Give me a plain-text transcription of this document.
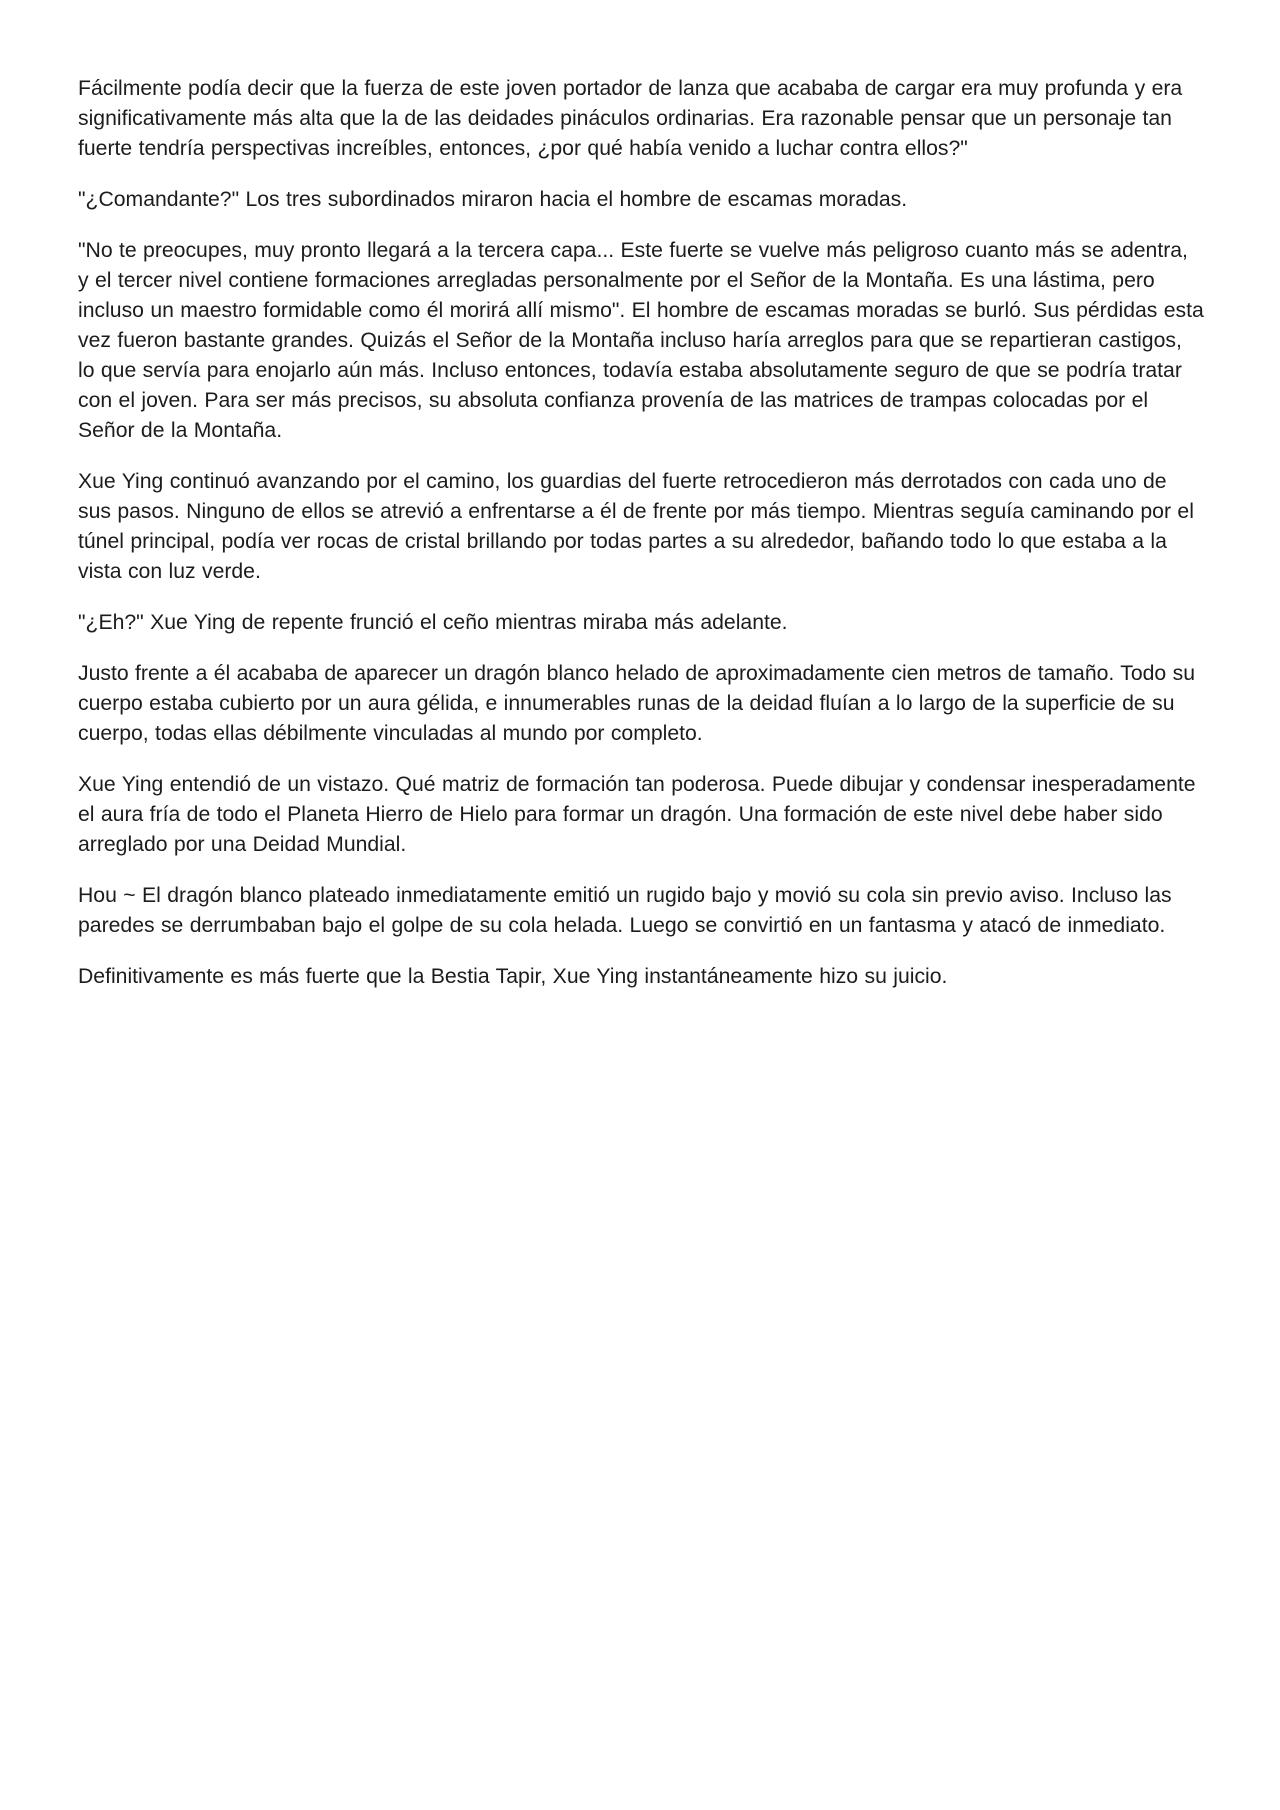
Fácilmente podía decir que la fuerza de este joven portador de lanza que acababa de cargar era muy profunda y era significativamente más alta que la de las deidades pináculos ordinarias. Era razonable pensar que un personaje tan fuerte tendría perspectivas increíbles, entonces, ¿por qué había venido a luchar contra ellos?"

"¿Comandante?" Los tres subordinados miraron hacia el hombre de escamas moradas.

"No te preocupes, muy pronto llegará a la tercera capa... Este fuerte se vuelve más peligroso cuanto más se adentra, y el tercer nivel contiene formaciones arregladas personalmente por el Señor de la Montaña. Es una lástima, pero incluso un maestro formidable como él morirá allí mismo". El hombre de escamas moradas se burló. Sus pérdidas esta vez fueron bastante grandes. Quizás el Señor de la Montaña incluso haría arreglos para que se repartieran castigos, lo que servía para enojarlo aún más. Incluso entonces, todavía estaba absolutamente seguro de que se podría tratar con el joven. Para ser más precisos, su absoluta confianza provenía de las matrices de trampas colocadas por el Señor de la Montaña.

Xue Ying continuó avanzando por el camino, los guardias del fuerte retrocedieron más derrotados con cada uno de sus pasos. Ninguno de ellos se atrevió a enfrentarse a él de frente por más tiempo. Mientras seguía caminando por el túnel principal, podía ver rocas de cristal brillando por todas partes a su alrededor, bañando todo lo que estaba a la vista con luz verde.

"¿Eh?" Xue Ying de repente frunció el ceño mientras miraba más adelante.

Justo frente a él acababa de aparecer un dragón blanco helado de aproximadamente cien metros de tamaño. Todo su cuerpo estaba cubierto por un aura gélida, e innumerables runas de la deidad fluían a lo largo de la superficie de su cuerpo, todas ellas débilmente vinculadas al mundo por completo.

Xue Ying entendió de un vistazo. Qué matriz de formación tan poderosa. Puede dibujar y condensar inesperadamente el aura fría de todo el Planeta Hierro de Hielo para formar un dragón. Una formación de este nivel debe haber sido arreglado por una Deidad Mundial.

Hou ~ El dragón blanco plateado inmediatamente emitió un rugido bajo y movió su cola sin previo aviso. Incluso las paredes se derrumbaban bajo el golpe de su cola helada. Luego se convirtió en un fantasma y atacó de inmediato.

Definitivamente es más fuerte que la Bestia Tapir, Xue Ying instantáneamente hizo su juicio.
